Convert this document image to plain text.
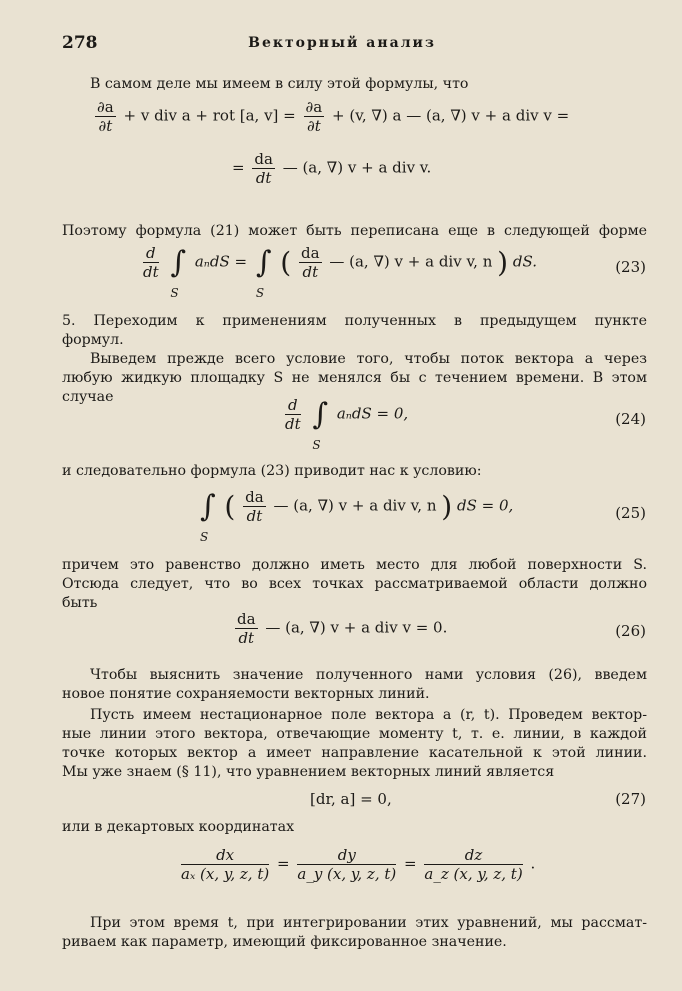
278	Векторный анализ
В самом деле мы имеем в силу этой формулы, что
$\frac{\partial a}{\partial t} + v$ div a + rot [a, $v] = \frac{\partial a}{\partial t} + (v$, ∇) a — (a, ∇) v + a div v =
= $\frac{da}{dt}$ — (a, ∇) v + a div v.
Поэтому формула (21) может быть переписана еще в следующей форме
$\frac{d}{dt}$ ∫
S
aₙdS = ∫
S
( $\frac{da}{dt}$ — (a, ∇) v + a div v, n ) dS.	(23)
5. Переходим к применениям полученных в предыдущем пункте
формул.
Выведем прежде всего условие того, чтобы поток вектора a через
любую жидкую площадку S не менялся бы с течением времени. В этом
случае	$\frac{d}{dt}$ ∫
S
aₙdS = 0,	(24)
и следовательно формула (23) приводит нас к условию:
∫
S
( $\frac{da}{dt}$ — (a, ∇) v + a div v, n ) dS = 0,	(25)
причем это равенство должно иметь место для любой поверхности S.
Отсюда следует, что во всех точках рассматриваемой области должно
быть
$\frac{da}{dt}$ — (a, ∇) v + a div v = 0.	(26)
Чтобы выяснить значение полученного нами условия (26), введем
новое понятие сохраняемости векторных линий.
Пусть имеем нестационарное поле вектора a (r, t). Проведем вектор-
ные линии этого вектора, отвечающие моменту t, т. е. линии, в каждой
точке которых вектор a имеет направление касательной к этой линии.
Мы уже знаем (§ 11), что уравнением векторных линий является
[dr, a] = 0,	(27)
или в декартовых координатах
$\frac{dx}{\text{aₓ (x, y, z, t)}} = \frac{dy}{a\_y (x, y, z, t)} = \frac{dz}{a\_z (x, y, z, t)}$ .
При этом время t, при интегрировании этих уравнений, мы рассмат-
риваем как параметр, имеющий фиксированное значение.
